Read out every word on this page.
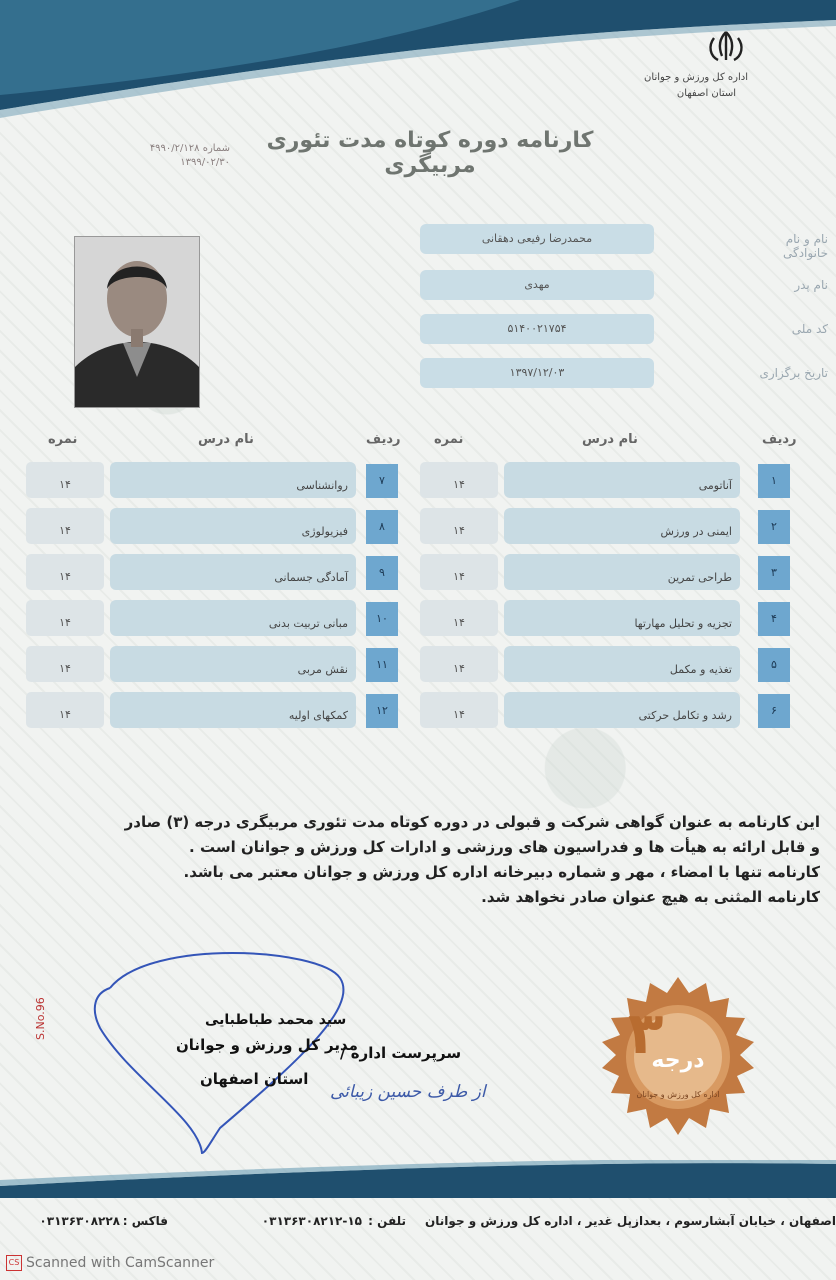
اداره کل ورزش و جوانان
استان اصفهان
کارنامه دوره کوتاه مدت تئوری مربیگری
شماره ۴۹۹۰/۲/۱۲۸
۱۳۹۹/۰۲/۳۰
نام و نام خانوادگی
محمدرضا رفیعی دهقانی
نام پدر
مهدی
کد ملی
۵۱۴۰۰۲۱۷۵۴
تاریخ برگزاری
۱۳۹۷/۱۲/۰۳
ردیف
نام درس
نمره
ردیف
نام درس
نمره
۱
آناتومی
۱۴
۲
ایمنی در ورزش
۱۴
۳
طراحی تمرین
۱۴
۴
تجزیه و تحلیل مهارتها
۱۴
۵
تغذیه و مکمل
۱۴
۶
رشد و تکامل حرکتی
۱۴
۷
روانشناسی
۱۴
۸
فیزیولوژی
۱۴
۹
آمادگی جسمانی
۱۴
۱۰
مبانی تربیت بدنی
۱۴
۱۱
نقش مربی
۱۴
۱۲
کمکهای اولیه
۱۴
این کارنامه به عنوان گواهی شرکت و قبولی در دوره کوتاه مدت تئوری مربیگری درجه (۳) صادر
و قابل ارائه به هیأت ها و فدراسیون های ورزشی و ادارات کل ورزش و جوانان است .
کارنامه تنها با امضاء ، مهر و شماره دبیرخانه اداره کل ورزش و جوانان معتبر می باشد.
کارنامه المثنی به هیچ عنوان صادر نخواهد شد.
سید محمد طباطبایی
مدیر کل ورزش و جوانان
استان اصفهان
سرپرست اداره /
از طرف حسین زیبائی
S.No.96	۳
درجه
اداره کل ورزش و جوانان
اصفهان ، خیابان آبشارسوم ، بعدازپل غدیر ، اداره کل ورزش و جوانان
تلفن :
۰۳۱۳۶۳۰۸۲۱۲-۱۵
فاکس :
۰۳۱۳۶۳۰۸۲۲۸
CS Scanned with CamScanner
